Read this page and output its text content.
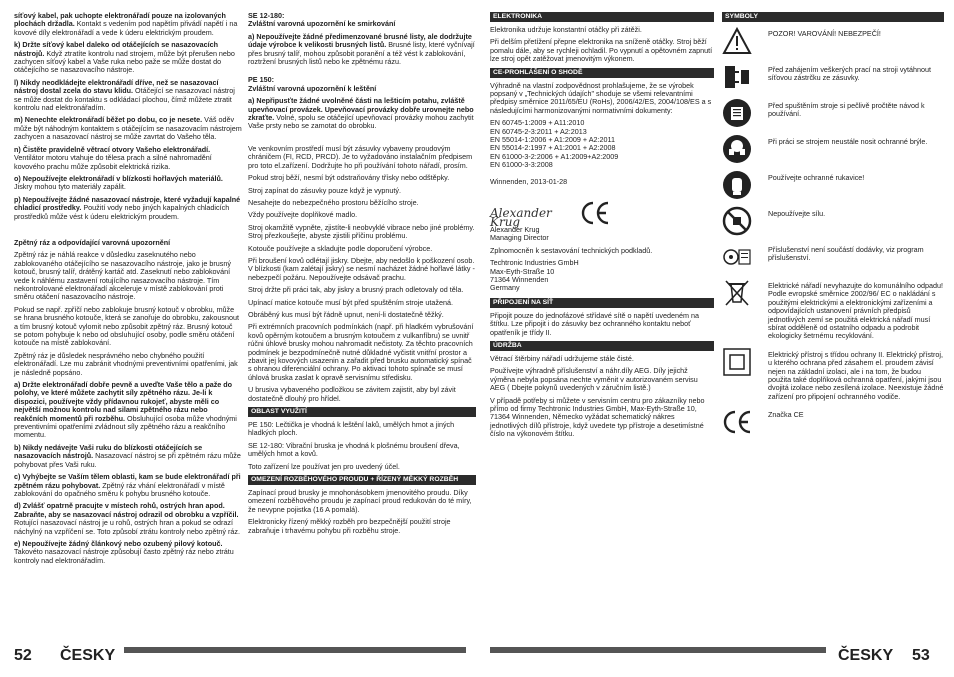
síťový kabel, pak uchopte elektronářadí pouze na izolovaných plochách držadla. Kontakt s vedením pod napětím přivádí napětí i na kovové díly elektronářadí a vede k úderu elektrickým proudem.

k) Držte síťový kabel daleko od otáčejících se nasazovacích nástrojů. Když ztratíte kontrolu nad strojem, může být přerušen nebo zachycen síťový kabel a Vaše ruka nebo paže se může dostat do otáčejícího se nasazovacího nástroje.

l) Nikdy neodkládejte elektronářadí dříve, než se nasazovací nástroj dostal zcela do stavu klidu. Otáčející se nasazovací nástroj se může dostat do kontaktu s odkládací plochou, čímž můžete ztratit kontrolu nad elektronářadím.

m) Nenechte elektronářadí běžet po dobu, co je nesete. Váš oděv může být náhodným kontaktem s otáčejícím se nasazovacím nástrojem zachycen a nasazovací nástroj se může zavrtat do Vašeho těla.

n) Čistěte pravidelně větrací otvory Vašeho elektronářadí. Ventilátor motoru vtahuje do tělesa prach a silné nahromadění kovového prachu může způsobit elektrická rizika.

o) Nepoužívejte elektronářadí v blízkosti hořlavých materiálů. Jiskry mohou tyto materiály zapálit.

p) Nepoužívejte žádné nasazovací nástroje, které vyžadují kapalné chladicí prostředky. Použití vody nebo jiných kapalných chladicích prostředků může vést k úderu elektrickým proudem.

Zpětný ráz a odpovídající varovná upozornění

Zpětný ráz je náhlá reakce v důsledku zaseknutého nebo zablokovaného otáčejícího se nasazovacího nástroje, jako je brusný kotouč, brusný talíř, drátěný kartáč atd. Zaseknutí nebo zablokování vede k náhlému zastavení rotujícího nasazovacího nástroje. Tím nekontrolované elektronářadí akceleruje v místě zablokování proti směru otáčení nasazovacího nástroje.

Pokud se např. zpříčí nebo zablokuje brusný kotouč v obrobku, může se hrana brusného kotouče, která se zanořuje do obrobku, zakousnout a tím brusný kotouč vylomit nebo způsobit zpětný ráz. Brusný kotouč se potom pohybuje k nebo od obsluhující osoby, podle směru otáčení kotouče na místě zablokování.

Zpětný ráz je důsledek nesprávného nebo chybného použití elektronářadí. Lze mu zabránit vhodnými preventivními opatřeními, jak je následně popsáno.

a) Držte elektronářadí dobře pevně a uveďte Vaše tělo a paže do polohy, ve které můžete zachytit síly zpětného rázu. Je-li k dispozici, používejte vždy přídavnou rukojeť, abyste měli co největší možnou kontrolu nad silami zpětného rázu nebo reakčních momentů při rozběhu. Obsluhující osoba může vhodnými preventivními opatřeními zvládnout síly zpětného rázu a reakčního momentu.

b) Nikdy nedávejte Vaši ruku do blízkosti otáčejících se nasazovacích nástrojů. Nasazovací nástroj se při zpětném rázu může pohybovat přes Vaši ruku.

c) Vyhýbejte se Vaším tělem oblasti, kam se bude elektronářadí při zpětném rázu pohybovat. Zpětný ráz vhání elektronářadí v místě zablokování do opačného směru k pohybu brusného kotouče.

d) Zvlášť opatrně pracujte v místech rohů, ostrých hran apod. Zabraňte, aby se nasazovací nástroj odrazil od obrobku a vzpříčil. Rotující nasazovací nástroj je u rohů, ostrých hran a pokud se odrazí náchylný na vzpříčení se. Toto způsobí ztrátu kontroly nebo zpětný ráz.

e) Nepoužívejte žádný článkový nebo ozubený pilový kotouč. Takovéto nasazovací nástroje způsobují často zpětný ráz nebo ztrátu kontroly nad elektronářadím.

SE 12-180:
Zvláštní varovná upozornění ke smirkování

a) Nepoužívejte žádné předimenzované brusné listy, ale dodržujte údaje výrobce k velikosti brusných listů. Brusné listy, které vyčnívají přes brusný talíř, mohou způsobit poranění a též vést k zablokování, roztržení brusných listů nebo ke zpětnému rázu.

PE 150:
Zvláštní varovná upozornění k leštění

a) Nepřipusťte žádné uvolněné části na lešticím potahu, zvláště upevňovací provázek. Upevňovací provázky dobře urovnejte nebo zkraťte. Volné, spolu se otáčející upevňovací provázky mohou zachytit Vaše prsty nebo se zamotat do obrobku.

Ve venkovním prostředí musí být zásuvky vybaveny proudovým chráničem (FI, RCD, PRCD). Je to vyžadováno instalačním předpisem pro toto el.zařízení. Dodržujte ho při používání tohoto nářadí, prosím.

Pokud stroj běží, nesmí být odstraňovány třísky nebo odštěpky.

Stroj zapínat do zásuvky pouze když je vypnutý.

Nesahejte do nebezpečného prostoru běžícího stroje.

Vždy používejte doplňkové madlo.

Stroj okamžitě vypněte, zjistíte-li neobvyklé vibrace nebo jiné problémy. Stroj přezkoušejte, abyste zjistili příčinu problému.

Kotouče používejte a skladujte podle doporučení výrobce.

Při broušení kovů odlétají jiskry. Dbejte, aby nedošlo k poškození osob. V blízkosti (kam zalétají jiskry) se nesmí nacházet žádné hořlavé látky - nebezpečí požáru. Nepoužívejte odsávač prachu.

Stroj držte při práci tak, aby jiskry a brusný prach odletovaly od těla.

Upínací matice kotouče musí být před spuštěním stroje utažená.

Obráběný kus musí být řádně upnut, není-li dostatečně těžký.

Při extrémních pracovních podmínkách (např. při hladkém vybrušování kovů opěrným kotoučem a brusným kotoučem z vulkanfíbru) se uvnitř rúčni úhlové brusky mohou nahromadit nečistoty. Za těchto pracovních podmínek je bezpodmínečně nutné důkladné vyčistit vnitřní prostor a zbavit jej kovových usazenin a zařadit před brusku automatický spínač s ohranou diferenciální ochrany. Po aktivaci tohoto spínače se musí úhlová bruska zaslat k opravě servisnímu středisku.

U brusiva vybaveného podložkou se závitem zajistit, aby byl závit dostatečně dlouhý pro hřídel.

OBLAST VYUŽITÍ

PE 150: Lečtička je vhodná k leštění laků, umělých hmot a jiných hladkých ploch.

SE 12-180: Vibrační bruska je vhodná k plošnému broušení dřeva, umělých hmot a kovů.

Toto zařízení lze používat jen pro uvedený účel.

OMEZENÍ ROZBĚHOVÉHO PROUDU + ŘÍZENÝ MĚKKÝ ROZBĚH

Zapínací proud brusky je mnohonásobkem jmenovitého proudu. Díky omezení rozběhového proudu je zapínací proud redukován do té míry, že nevypne pojistka (16 A pomalá).

Elektronicky řízený měkký rozběh pro bezpečnější použití stroje zabraňuje i trhavému pohybu při rozběhu stroje.

52 ČESKY
ELEKTRONIKA

Elektronika udržuje konstantní otáčky při zátěži.

Při delším přetížení přepne elektronika na sníženě otáčky. Stroj běží pomalu dále, aby se rychleji ochladil. Po vypnutí a opětovném zapnutí lze stroj opět zatěžovat jmenovitým výkonem.

CE-PROHLÁŠENÍ O SHODĚ

Výhradně na vlastní zodpovědnost prohlašujeme, že se výrobek popsaný v „Technických údajích" shoduje se všemi relevantními předpisy směrnice 2011/65/EU (RoHs), 2006/42/ES, 2004/108/ES a s následujícími harmonizovanými normativními dokumenty:

EN 60745-1:2009 + A11:2010
EN 60745-2-3:2011 + A2:2013
EN 55014-1:2006 + A1:2009 + A2:2011
EN 55014-2:1997 + A1:2001 + A2:2008
EN 61000-3-2:2006 + A1:2009+A2:2009
EN 61000-3-3:2008

Winnenden, 2013-01-28

Alexander Krug
Alexander Krug
Managing Director

Zplnomocněn k sestavování technických podkladů.

Techtronic Industries GmbH
Max-Eyth-Straße 10
71364 Winnenden
Germany
PŘIPOJENÍ NA SÍŤ

Připojit pouze do jednofázové střídavé sítě o napětí uvedeném na štítku. Lze připojit i do zásuvky bez ochranného kontaktu neboť opatřeník je třídy II.

ÚDRŽBA

Větrací štěrbiny nářadí udržujeme stále čisté.

Používejte výhradně příslušenství a náhr.díly AEG. Díly jejichž výměna nebyla popsána nechte vyměnit v autorizovaném servisu AEG ( Dbejte pokynů uvedených v záručním listě.)

V případě potřeby si můžete v servisním centru pro zákazníky nebo přímo od firmy Techtronic Industries GmbH, Max-Eyth-Straße 10, 71364 Winnenden, Německo vyžádat schematický nákres jednotlivých dílů přístroje, když uvedete typ přístroje a desetimístné číslo na výkonovém štítku.

SYMBOLY
POZOR! VAROVÁNÍ! NEBEZPEČÍ!
Před zahájením veškerých prací na stroji vytáhnout síťovou zástrčku ze zásuvky.
Před spuštěním stroje si pečlivě pročtěte návod k používání.
Při práci se strojem neustále nosit ochranné brýle.
Používejte ochranné rukavice!
Nepoužívejte sílu.
Příslušenství není součástí dodávky, viz program příslušenství.
Elektrické nářadí nevyhazujte do komunálního odpadu! Podle evropské směrnice 2002/96/ EC o nakládání s použitými elektrickými a elektronickými zařízeními a odpovídajících ustanovení právních předpisů jednotlivých zemí se použitá elektrická nářadí musí sbírat odděleně od ostatního odpadu a podrobit ekologicky šetrnému recyklování.
Elektrický přístroj s třídou ochrany II. Elektrický přístroj, u kterého ochrana před zásahem el. proudem závisí nejen na základní izolaci, ale i na tom, že budou použita také doplňková ochranná opatření, jakými jsou dvojitá izolace nebo zesílená izolace. Neexistuje žádné zařízení pro připojení ochranného vodiče.
Značka CE
ČESKY 53
